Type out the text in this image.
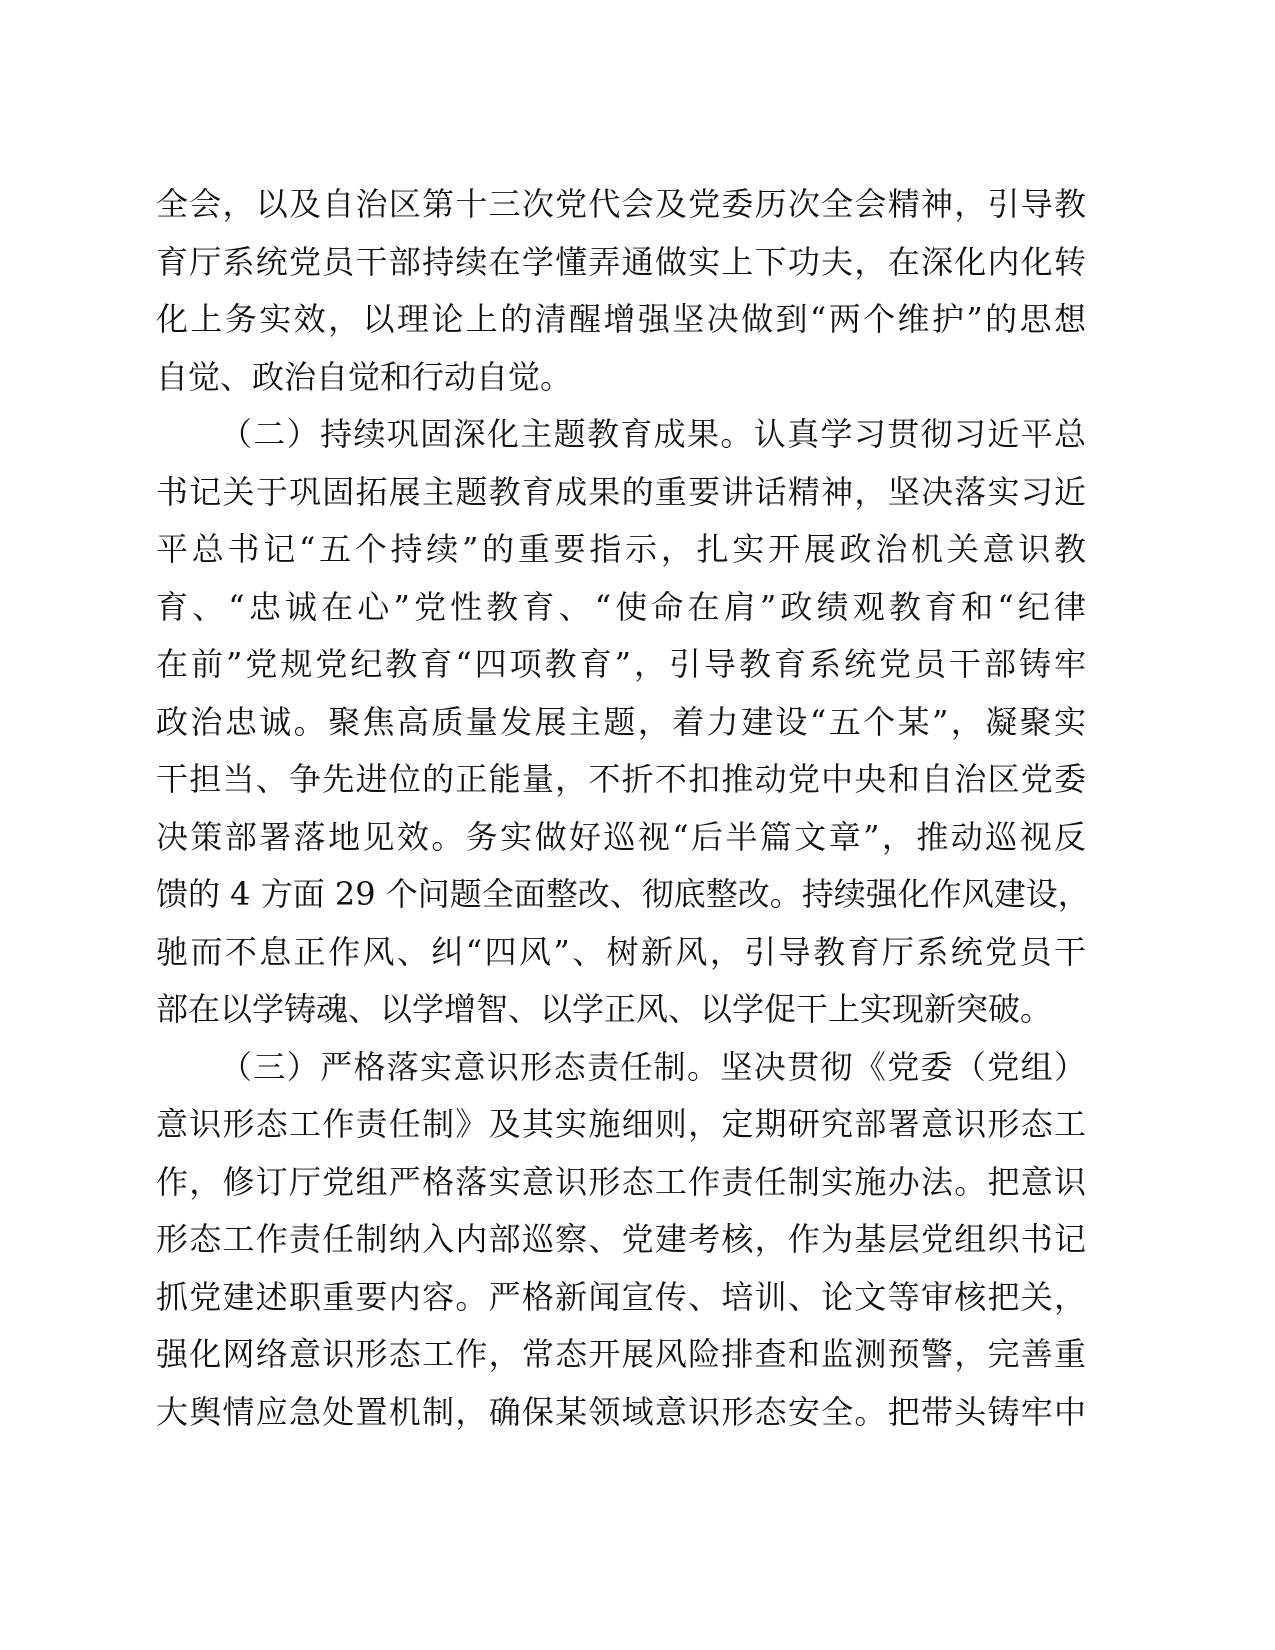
全会，以及自治区第十三次党代会及党委历次全会精神，引导教
育厅系统党员干部持续在学懂弄通做实上下功夫，在深化内化转
化上务实效，以理论上的清醒增强坚决做到“两个维护”的思想
自觉、政治自觉和行动自觉。
（二）持续巩固深化主题教育成果。认真学习贯彻习近平总
书记关于巩固拓展主题教育成果的重要讲话精神，坚决落实习近
平总书记“五个持续”的重要指示，扎实开展政治机关意识教
育、“忠诚在心”党性教育、“使命在肩”政绩观教育和“纪律
在前”党规党纪教育“四项教育”，引导教育系统党员干部铸牢
政治忠诚。聚焦高质量发展主题，着力建设“五个某”，凝聚实
干担当、争先进位的正能量，不折不扣推动党中央和自治区党委
决策部署落地见效。务实做好巡视“后半篇文章”，推动巡视反
馈的 4 方面 29 个问题全面整改、彻底整改。持续强化作风建设，
驰而不息正作风、纠“四风”、树新风，引导教育厅系统党员干
部在以学铸魂、以学增智、以学正风、以学促干上实现新突破。
（三）严格落实意识形态责任制。坚决贯彻《党委（党组）
意识形态工作责任制》及其实施细则，定期研究部署意识形态工
作，修订厅党组严格落实意识形态工作责任制实施办法。把意识
形态工作责任制纳入内部巡察、党建考核，作为基层党组织书记
抓党建述职重要内容。严格新闻宣传、培训、论文等审核把关，
强化网络意识形态工作，常态开展风险排查和监测预警，完善重
大舆情应急处置机制，确保某领域意识形态安全。把带头铸牢中
